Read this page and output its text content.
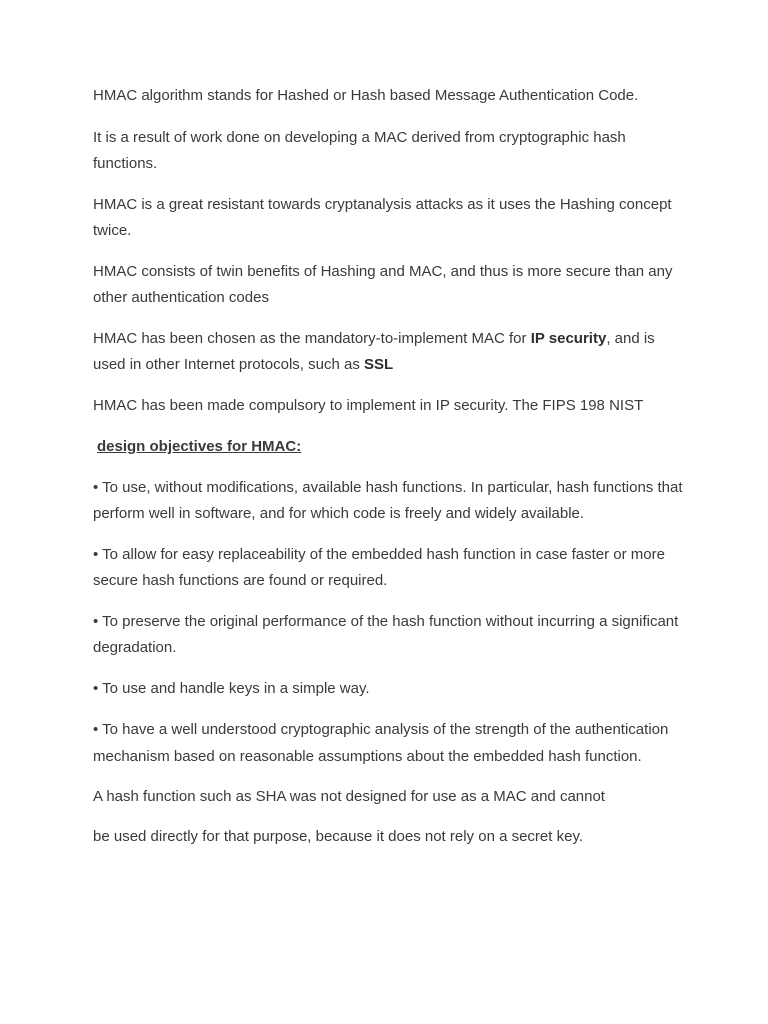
HMAC algorithm stands for Hashed or Hash based Message Authentication Code.

It is a result of work done on developing a MAC derived from cryptographic hash functions.

HMAC is a great resistant towards cryptanalysis attacks as it uses the Hashing concept twice.

HMAC consists of twin benefits of Hashing and MAC, and thus is more secure than any other authentication codes

HMAC has been chosen as the mandatory-to-implement MAC for IP security, and is used in other Internet protocols, such as SSL

HMAC has been made compulsory to implement in IP security. The FIPS 198 NIST

design objectives for HMAC:

• To use, without modifications, available hash functions. In particular, hash functions that perform well in software, and for which code is freely and widely available.

• To allow for easy replaceability of the embedded hash function in case faster or more secure hash functions are found or required.

• To preserve the original performance of the hash function without incurring a significant degradation.

• To use and handle keys in a simple way.

• To have a well understood cryptographic analysis of the strength of the authentication mechanism based on reasonable assumptions about the embedded hash function.

A hash function such as SHA was not designed for use as a MAC and cannot

be used directly for that purpose, because it does not rely on a secret key.
